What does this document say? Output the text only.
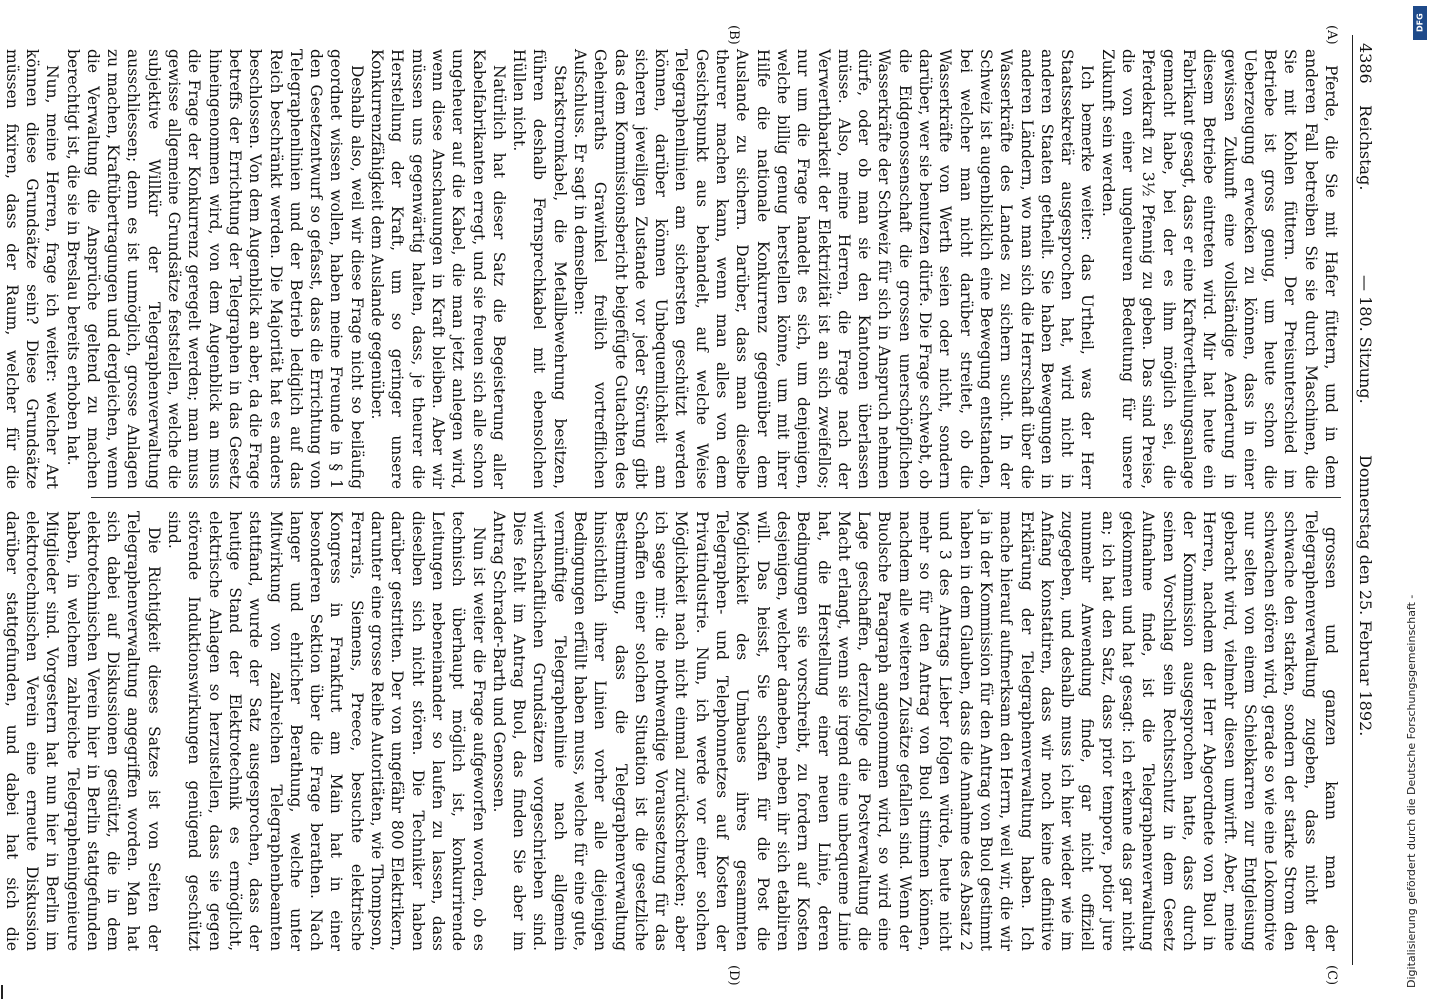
4386
Reichstag.
— 180. Sitzung.
Donnerstag den 25. Februar 1892.
(A)
(B)
(C)
(D)

Pferde, die Sie mit Hafer füttern, und in dem anderen Fall betreiben Sie sie durch Maschinen, die Sie mit Kohlen füttern. Der Preisunterschied im Betriebe ist gross genug, um heute schon die Ueberzeugung erwecken zu können, dass in einer gewissen Zukunft eine vollständige Aenderung in diesem Betriebe eintreten wird. Mir hat heute ein Fabrikant gesagt, dass er eine Kraftvertheilungsanlage gemacht habe, bei der es ihm möglich sei, die Pferdekraft zu 3½ Pfennig zu geben. Das sind Preise, die von einer ungeheuren Bedeutung für unsere Zukunft sein werden.

Ich bemerke weiter: das Urtheil, was der Herr Staatssekretär ausgesprochen hat, wird nicht in anderen Staaten getheilt. Sie haben Bewegungen in anderen Ländern, wo man sich die Herrschaft über die Wasserkräfte des Landes zu sichern sucht. In der Schweiz ist augenblicklich eine Bewegung entstanden, bei welcher man nicht darüber streitet, ob die Wasserkräfte von Werth seien oder nicht, sondern darüber, wer sie benutzen dürfe. Die Frage schwebt, ob die Eidgenossenschaft die grossen unerschöpflichen Wasserkräfte der Schweiz für sich in Anspruch nehmen dürfe, oder ob man sie den Kantonen überlassen müsse. Also, meine Herren, die Frage nach der Verwerthbarkeit der Elektrizität ist an sich zweifellos; nur um die Frage handelt es sich, um denjenigen, welche billig genug herstellen könne, um mit ihrer Hilfe die nationale Konkurrenz gegenüber dem Auslande zu sichern. Darüber, dass man dieselbe theurer machen kann, wenn man alles von dem Gesichtspunkt aus behandelt, auf welche Weise Telegraphenlinien am sichersten geschützt werden können, darüber können Unbequemlichkeit am sicheren jeweiligen Zustande vor jeder Störung gibt das dem Kommissionsbericht beigefügte Gutachten des Geheimraths Grawinkel freilich vortrefflichen Aufschluss. Er sagt in demselben:

Starkstromkabel, die Metallbewehrung besitzen, führen deshalb Fernsprechkabel mit ebensolchen Hüllen nicht.

Natürlich hat dieser Satz die Begeisterung aller Kabelfabrikanten erregt, und sie freuen sich alle schon ungeheuer auf die Kabel, die man jetzt anlegen wird, wenn diese Anschauungen in Kraft bleiben. Aber wir müssen uns gegenwärtig halten, dass, je theurer die Herstellung der Kraft, um so geringer unsere Konkurrenzfähigkeit dem Auslande gegenüber.

Deshalb also, weil wir diese Frage nicht so beiläufig geordnet wissen wollen, haben meine Freunde in § 1 den Gesetzentwurf so gefasst, dass die Errichtung von Telegraphenlinien und der Betrieb lediglich auf das Reich beschränkt werden. Die Majorität hat es anders beschlossen. Von dem Augenblick an aber, da die Frage betreffs der Errichtung der Telegraphen in das Gesetz hineingenommen wird, von dem Augenblick an muss die Frage der Konkurrenz geregelt werden; man muss gewisse allgemeine Grundsätze feststellen, welche die subjektive Willkür der Telegraphenverwaltung ausschliessen; denn es ist unmöglich, grosse Anlagen zu machen, Kraftübertragungen und dergleichen, wenn die Verwaltung die Ansprüche geltend zu machen berechtigt ist, die sie in Breslau bereits erhoben hat.

Nun, meine Herren, frage ich weiter: welcher Art können diese Grundsätze sein? Diese Grundsätze müssen fixiren, dass der Raum, welcher für die

grossen und ganzen kann man der Telegraphenverwaltung zugeben, dass nicht der schwache den starken, sondern der starke Strom den schwachen stören wird, gerade so wie eine Lokomotive nur selten von einem Schiebkarren zur Entgleisung gebracht wird, vielmehr diesen umwirft. Aber, meine Herren, nachdem der Herr Abgeordnete von Buol in der Kommission ausgesprochen hatte, dass durch seinen Vorschlag sein Rechtsschutz in dem Gesetz Aufnahme finde, ist die Telegraphenverwaltung gekommen und hat gesagt: ich erkenne das gar nicht an; ich hat den Satz, dass prior tempore, potior jure nunmehr Anwendung finde, gar nicht offiziell zugegeben, und deshalb muss ich hier wieder wie im Anfang konstatiren, dass wir noch keine definitive Erklärung der Telegraphenverwaltung haben. Ich mache hierauf aufmerksam den Herrn, weil wir, die wir ja in der Kommission für den Antrag von Buol gestimmt haben in dem Glauben, dass die Annahme des Absatz 2 und 3 des Antrags Lieber folgen würde, heute nicht mehr so für den Antrag von Buol stimmen können, nachdem alle weiteren Zusätze gefallen sind. Wenn der Buolsche Paragraph angenommen wird, so wird eine Lage geschaffen, derzufolge die Postverwaltung die Macht erlangt, wenn sie irgend eine unbequeme Linie hat, die Herstellung einer neuen Linie, deren Bedingungen sie vorschreibt, zu fordern auf Kosten desjenigen, welcher daneben, neben ihr sich etabliren will. Das heisst, Sie schaffen für die Post die Möglichkeit des Umbaues ihres gesammten Telegraphen- und Telephonnetzes auf Kosten der Privatindustrie. Nun, ich werde vor einer solchen Möglichkeit nach nicht einmal zurückschrecken; aber ich sage mir: die nothwendige Voraussetzung für das Schaffen einer solchen Situation ist die gesetzliche Bestimmung, dass die Telegraphenverwaltung hinsichtlich ihrer Linien vorher alle diejenigen Bedingungen erfüllt haben muss, welche für eine gute, vernünftige Telegraphenlinie nach allgemein wirthschaftlichen Grundsätzen vorgeschrieben sind. Dies fehlt im Antrag Buol, das finden Sie aber im Antrag Schrader-Barth und Genossen.

Nun ist weiter die Frage aufgeworfen worden, ob es technisch überhaupt möglich ist, konkurrirende Leitungen nebeneinander so laufen zu lassen, dass dieselben sich nicht stören. Die Techniker haben darüber gestritten. Der von ungefähr 800 Elektrikern, darunter eine grosse Reihe Autoritäten, wie Thompson, Ferraris, Siemens, Preece, besuchte elektrische Kongress in Frankfurt am Main hat in einer besonderen Sektion über die Frage berathen. Nach langer und ehrlicher Berathung, welche unter Mitwirkung von zahlreichen Telegraphenbeamten stattfand, wurde der Satz ausgesprochen, dass der heutige Stand der Elektrotechnik es ermöglicht, elektrische Anlagen so herzustellen, dass sie gegen störende Induktionswirkungen genügend geschützt sind.

Die Richtigkeit dieses Satzes ist von Seiten der Telegraphenverwaltung angegriffen worden. Man hat sich dabei auf Diskussionen gestützt, die in dem elektrotechnischen Verein hier in Berlin stattgefunden haben, in welchem zahlreiche Telegrapheningenieure Mitglieder sind. Vorgestern hat nun hier in Berlin im elektrotechnischen Verein eine erneute Diskussion darüber stattgefunden, und dabei hat sich die

DFG
Digitalisierung gefördert durch die Deutsche Forschungsgemeinschaft -
